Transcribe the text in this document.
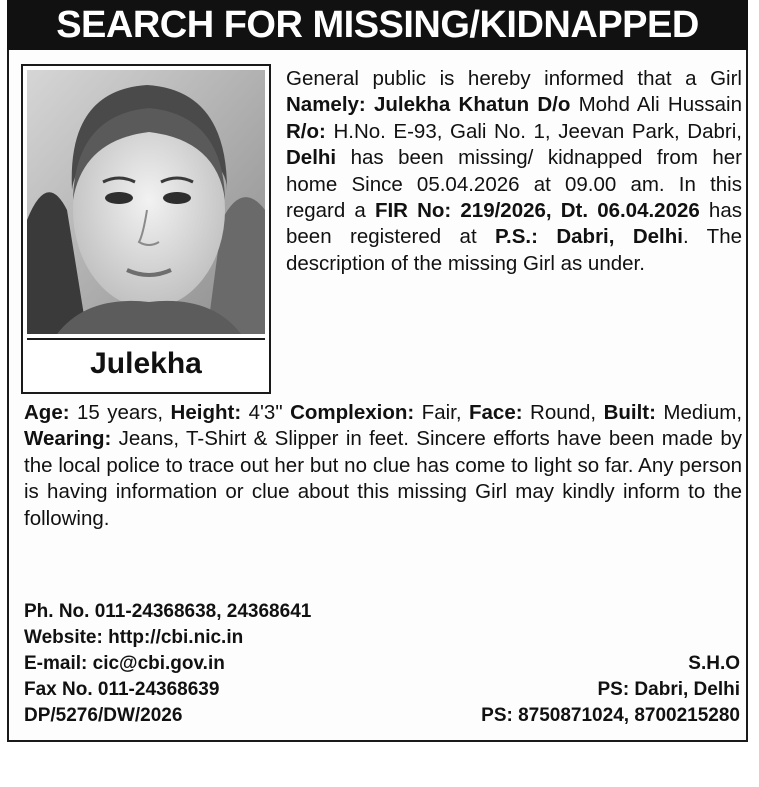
SEARCH FOR MISSING/KIDNAPPED
Julekha
General public is hereby informed that a Girl Namely: Julekha Khatun D/o Mohd Ali Hussain R/o: H.No. E-93, Gali No. 1, Jeevan Park, Dabri, Delhi has been missing/ kidnapped from her home Since 05.04.2026 at 09.00 am. In this regard a FIR No: 219/2026, Dt. 06.04.2026 has been registered at P.S.: Dabri, Delhi. The description of the missing Girl as under.
Age: 15 years, Height: 4'3" Complexion: Fair, Face: Round, Built: Medium, Wearing: Jeans, T-Shirt & Slipper in feet. Sincere efforts have been made by the local police to trace out her but no clue has come to light so far. Any person is having information or clue about this missing Girl may kindly inform to the following.
Ph. No. 011-24368638, 24368641
Website: http://cbi.nic.in
E-mail: cic@cbi.gov.in
Fax No. 011-24368639
DP/5276/DW/2026
S.H.O
PS: Dabri, Delhi
PS: 8750871024, 8700215280
